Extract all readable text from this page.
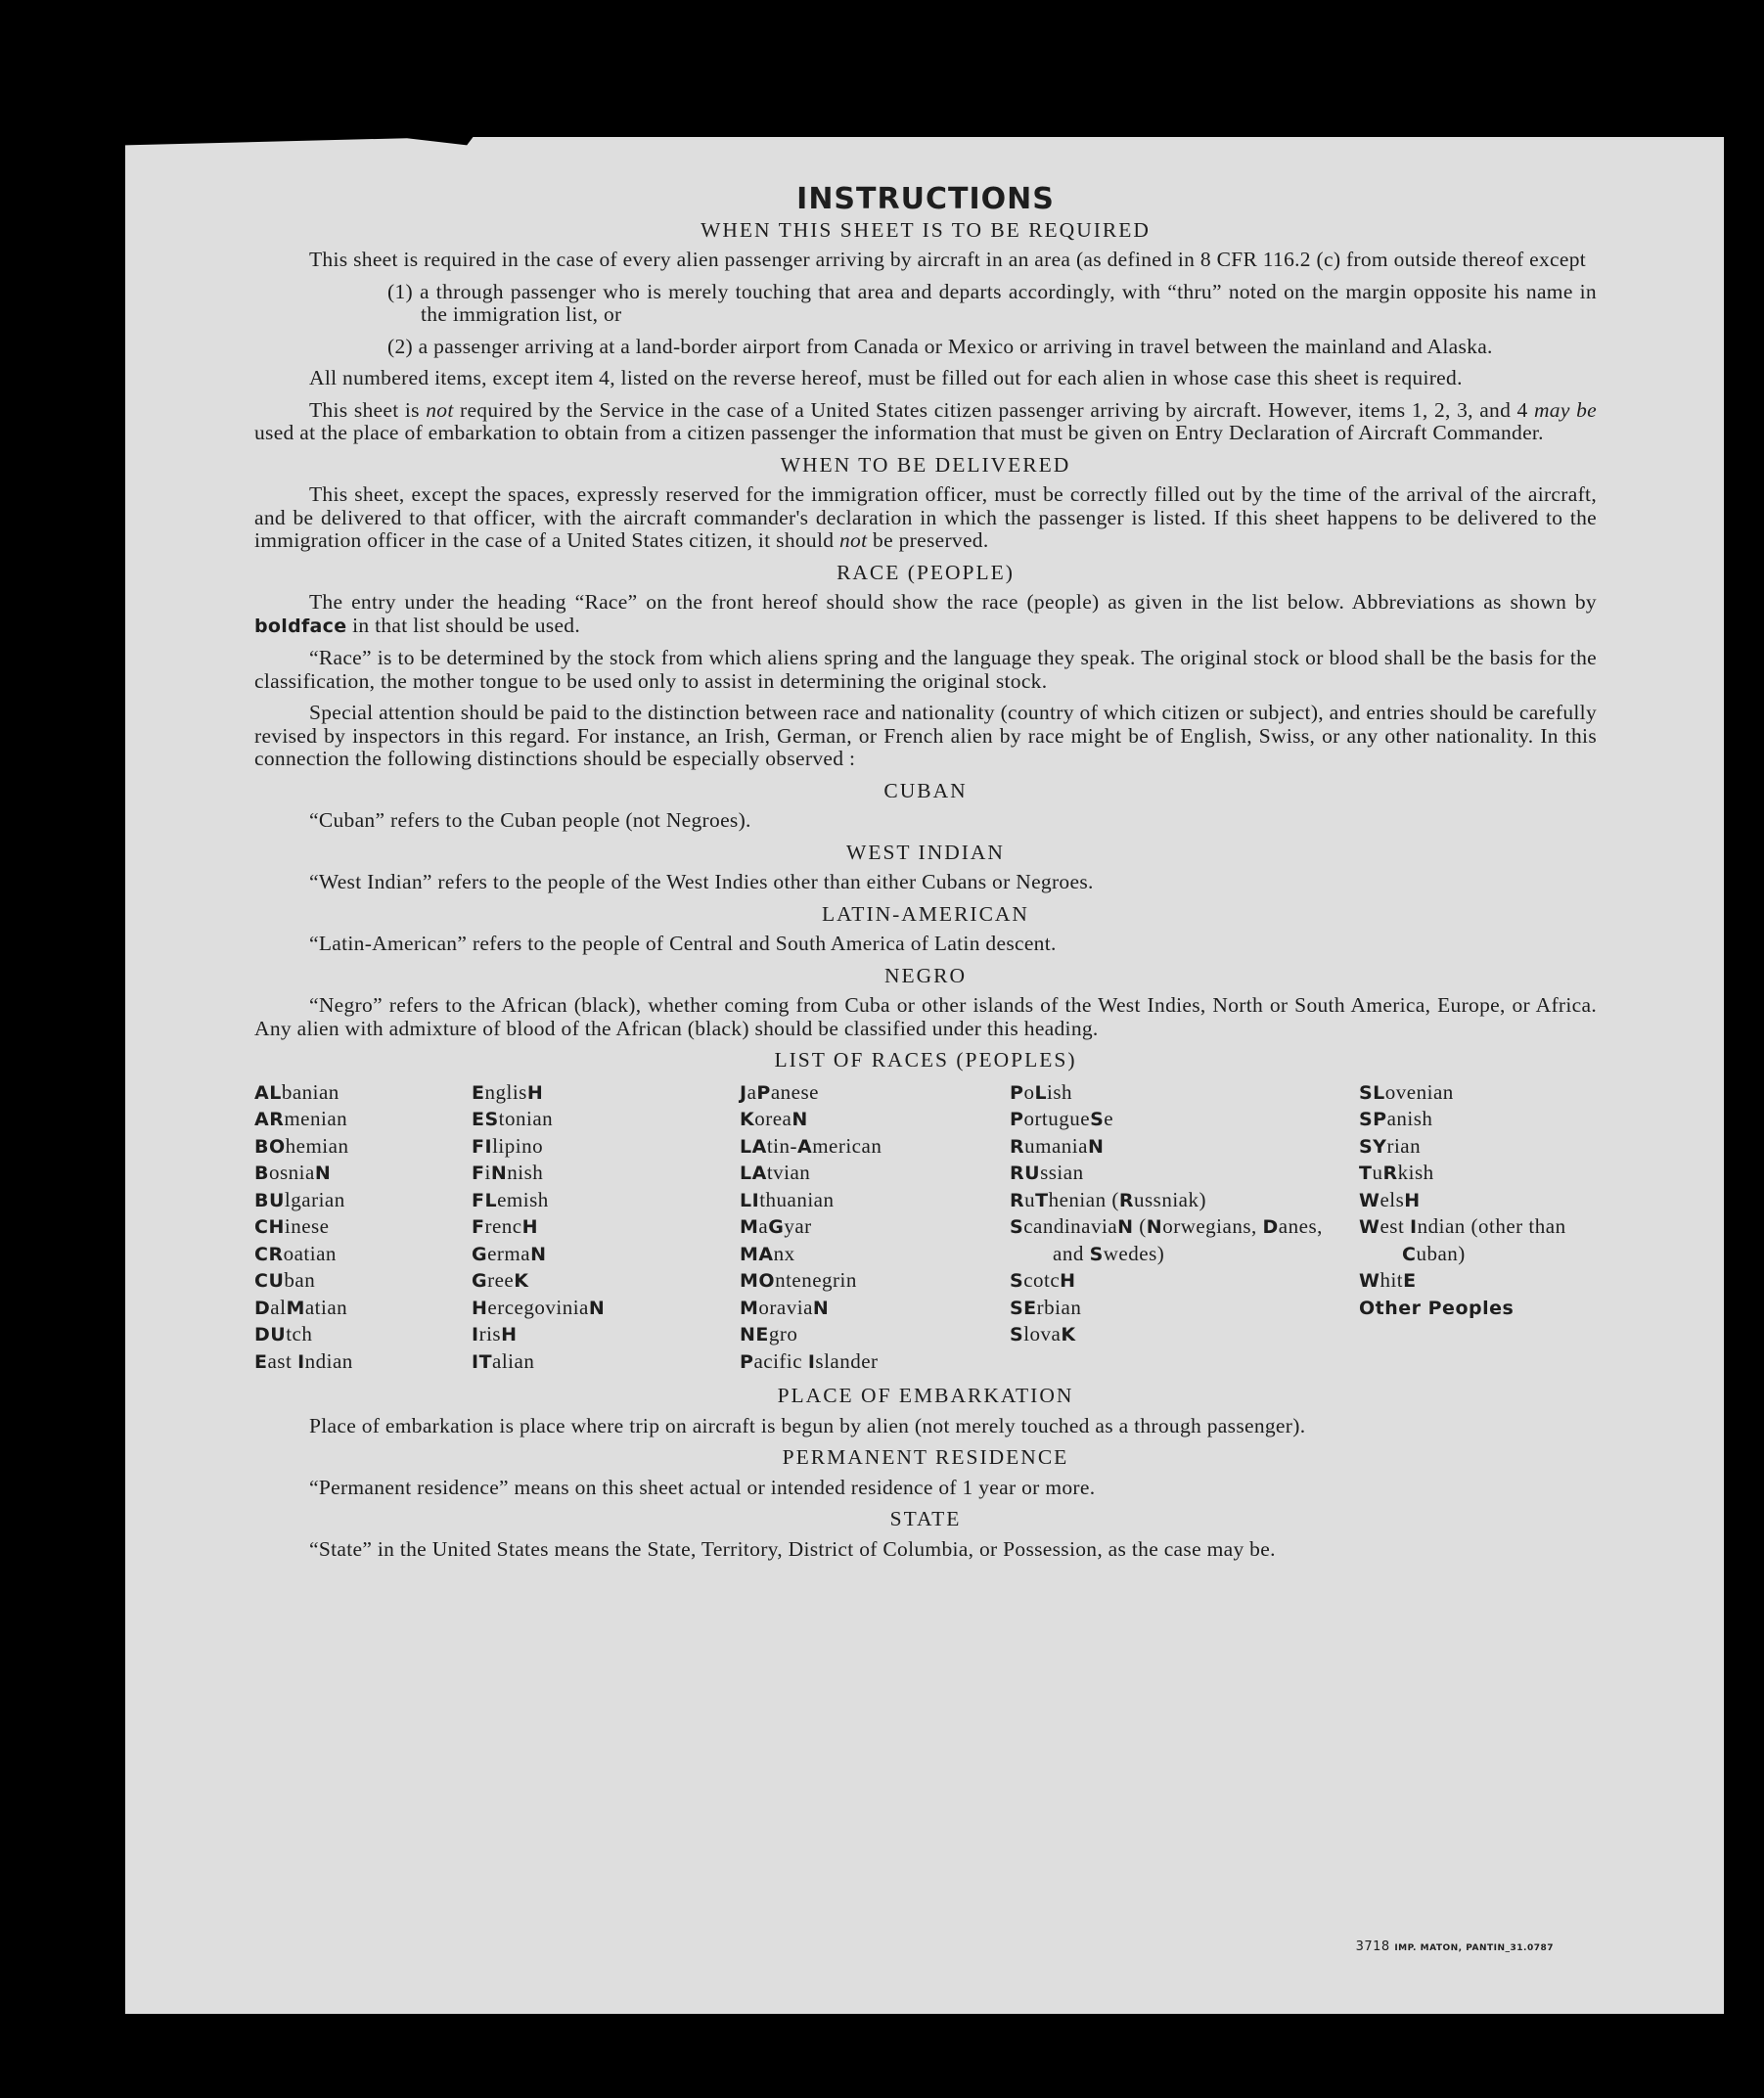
INSTRUCTIONS
WHEN THIS SHEET IS TO BE REQUIRED

This sheet is required in the case of every alien passenger arriving by aircraft in an area (as defined in 8 CFR 116.2 (c) from outside thereof except

(1) a through passenger who is merely touching that area and departs accordingly, with “thru” noted on the margin opposite his name in the immigration list, or

(2) a passenger arriving at a land-border airport from Canada or Mexico or arriving in travel between the mainland and Alaska.

All numbered items, except item 4, listed on the reverse hereof, must be filled out for each alien in whose case this sheet is required.

This sheet is not required by the Service in the case of a United States citizen passenger arriving by aircraft. However, items 1, 2, 3, and 4 may be used at the place of embarkation to obtain from a citizen passenger the information that must be given on Entry Declaration of Aircraft Commander.

WHEN TO BE DELIVERED

This sheet, except the spaces, expressly reserved for the immigration officer, must be correctly filled out by the time of the arrival of the aircraft, and be delivered to that officer, with the aircraft commander's declaration in which the passenger is listed. If this sheet happens to be delivered to the immigration officer in the case of a United States citizen, it should not be preserved.

RACE (PEOPLE)

The entry under the heading “Race” on the front hereof should show the race (people) as given in the list below. Abbreviations as shown by boldface in that list should be used.

“Race” is to be determined by the stock from which aliens spring and the language they speak. The original stock or blood shall be the basis for the classification, the mother tongue to be used only to assist in determining the original stock.

Special attention should be paid to the distinction between race and nationality (country of which citizen or subject), and entries should be carefully revised by inspectors in this regard. For instance, an Irish, German, or French alien by race might be of English, Swiss, or any other nationality. In this connection the following distinctions should be especially observed :

CUBAN

“Cuban” refers to the Cuban people (not Negroes).

WEST INDIAN

“West Indian” refers to the people of the West Indies other than either Cubans or Negroes.

LATIN-AMERICAN

“Latin-American” refers to the people of Central and South America of Latin descent.

NEGRO

“Negro” refers to the African (black), whether coming from Cuba or other islands of the West Indies, North or South America, Europe, or Africa. Any alien with admixture of blood of the African (black) should be classified under this heading.

LIST OF RACES (PEOPLES)
ALbanian
ARmenian
BOhemian
BosniaN
BUlgarian
CHinese
CRoatian
CUban
DalMatian
DUtch
East Indian
EnglisH
EStonian
FIlipino
FiNnish
FLemish
FrencH
GermaN
GreeK
HercegoviniaN
IrisH
ITalian
JaPanese
KoreaN
LAtin-American
LAtvian
LIthuanian
MaGyar
MAnx
MOntenegrin
MoraviaN
NEgro
Pacific Islander
PoLish
PortugueSe
RumaniaN
RUssian
RuThenian (Russniak)
ScandinaviaN (Norwegians, Danes, and Swedes)
ScotcH
SErbian
SlovaK
SLovenian
SPanish
SYrian
TuRkish
WelsH
West Indian (other than Cuban)
WhitE
Other Peoples
PLACE OF EMBARKATION

Place of embarkation is place where trip on aircraft is begun by alien (not merely touched as a through passenger).

PERMANENT RESIDENCE

“Permanent residence” means on this sheet actual or intended residence of 1 year or more.

STATE

“State” in the United States means the State, Territory, District of Columbia, or Possession, as the case may be.

3718 IMP. MATON, PANTIN_31.0787
